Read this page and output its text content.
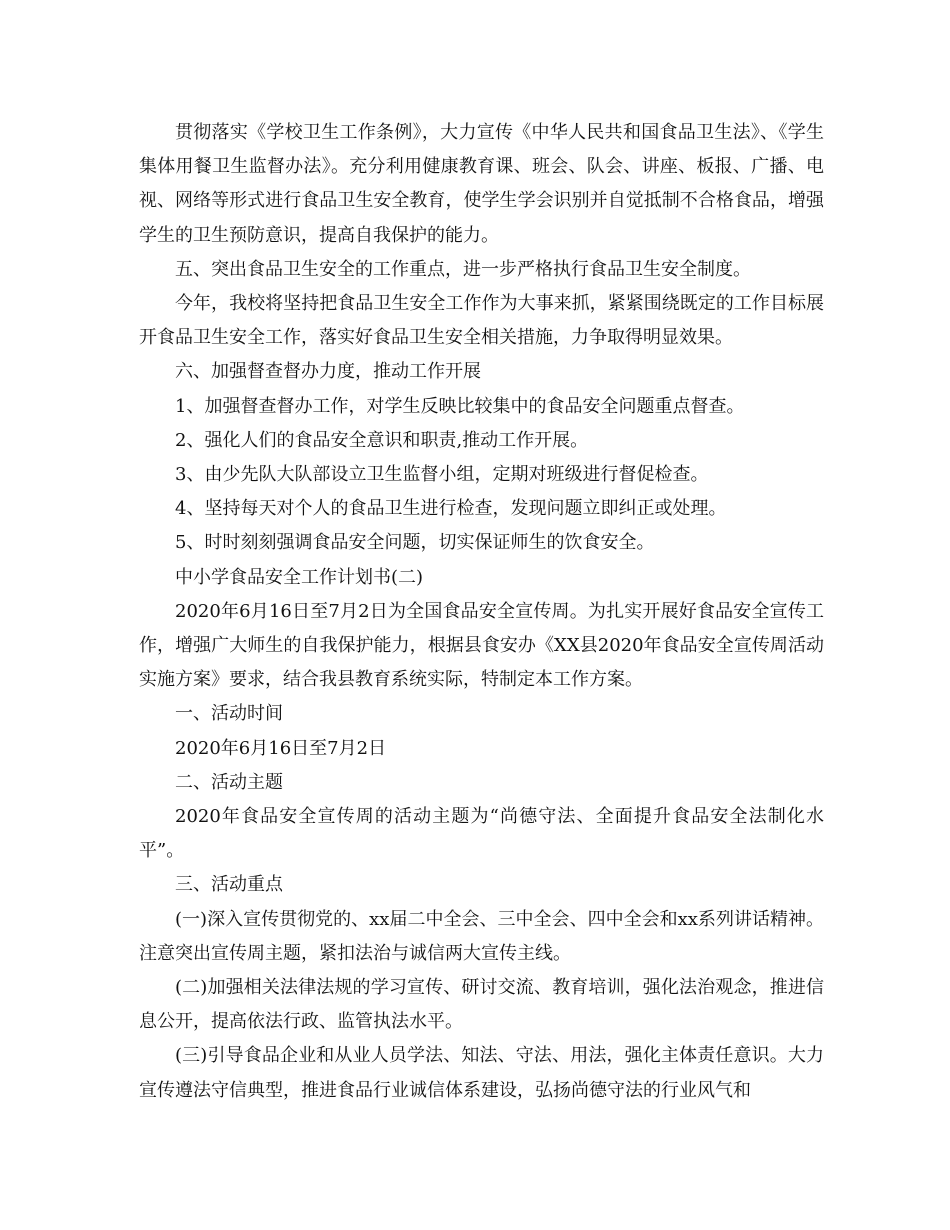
贯彻落实《学校卫生工作条例》，大力宣传《中华人民共和国食品卫生法》、《学生集体用餐卫生监督办法》。充分利用健康教育课、班会、队会、讲座、板报、广播、电视、网络等形式进行食品卫生安全教育，使学生学会识别并自觉抵制不合格食品，增强学生的卫生预防意识，提高自我保护的能力。

五、突出食品卫生安全的工作重点，进一步严格执行食品卫生安全制度。

今年，我校将坚持把食品卫生安全工作作为大事来抓，紧紧围绕既定的工作目标展开食品卫生安全工作，落实好食品卫生安全相关措施，力争取得明显效果。

六、加强督查督办力度，推动工作开展

1、加强督查督办工作，对学生反映比较集中的食品安全问题重点督查。

2、强化人们的食品安全意识和职责,推动工作开展。

3、由少先队大队部设立卫生监督小组，定期对班级进行督促检查。

4、坚持每天对个人的食品卫生进行检查，发现问题立即纠正或处理。

5、时时刻刻强调食品安全问题，切实保证师生的饮食安全。

中小学食品安全工作计划书(二)

2020年6月16日至7月2日为全国食品安全宣传周。为扎实开展好食品安全宣传工作，增强广大师生的自我保护能力，根据县食安办《XX县2020年食品安全宣传周活动实施方案》要求，结合我县教育系统实际，特制定本工作方案。

一、活动时间

2020年6月16日至7月2日

二、活动主题

2020年食品安全宣传周的活动主题为“尚德守法、全面提升食品安全法制化水平”。

三、活动重点

(一)深入宣传贯彻党的、xx届二中全会、三中全会、四中全会和xx系列讲话精神。注意突出宣传周主题，紧扣法治与诚信两大宣传主线。

(二)加强相关法律法规的学习宣传、研讨交流、教育培训，强化法治观念，推进信息公开，提高依法行政、监管执法水平。

(三)引导食品企业和从业人员学法、知法、守法、用法，强化主体责任意识。大力宣传遵法守信典型，推进食品行业诚信体系建设，弘扬尚德守法的行业风气和
